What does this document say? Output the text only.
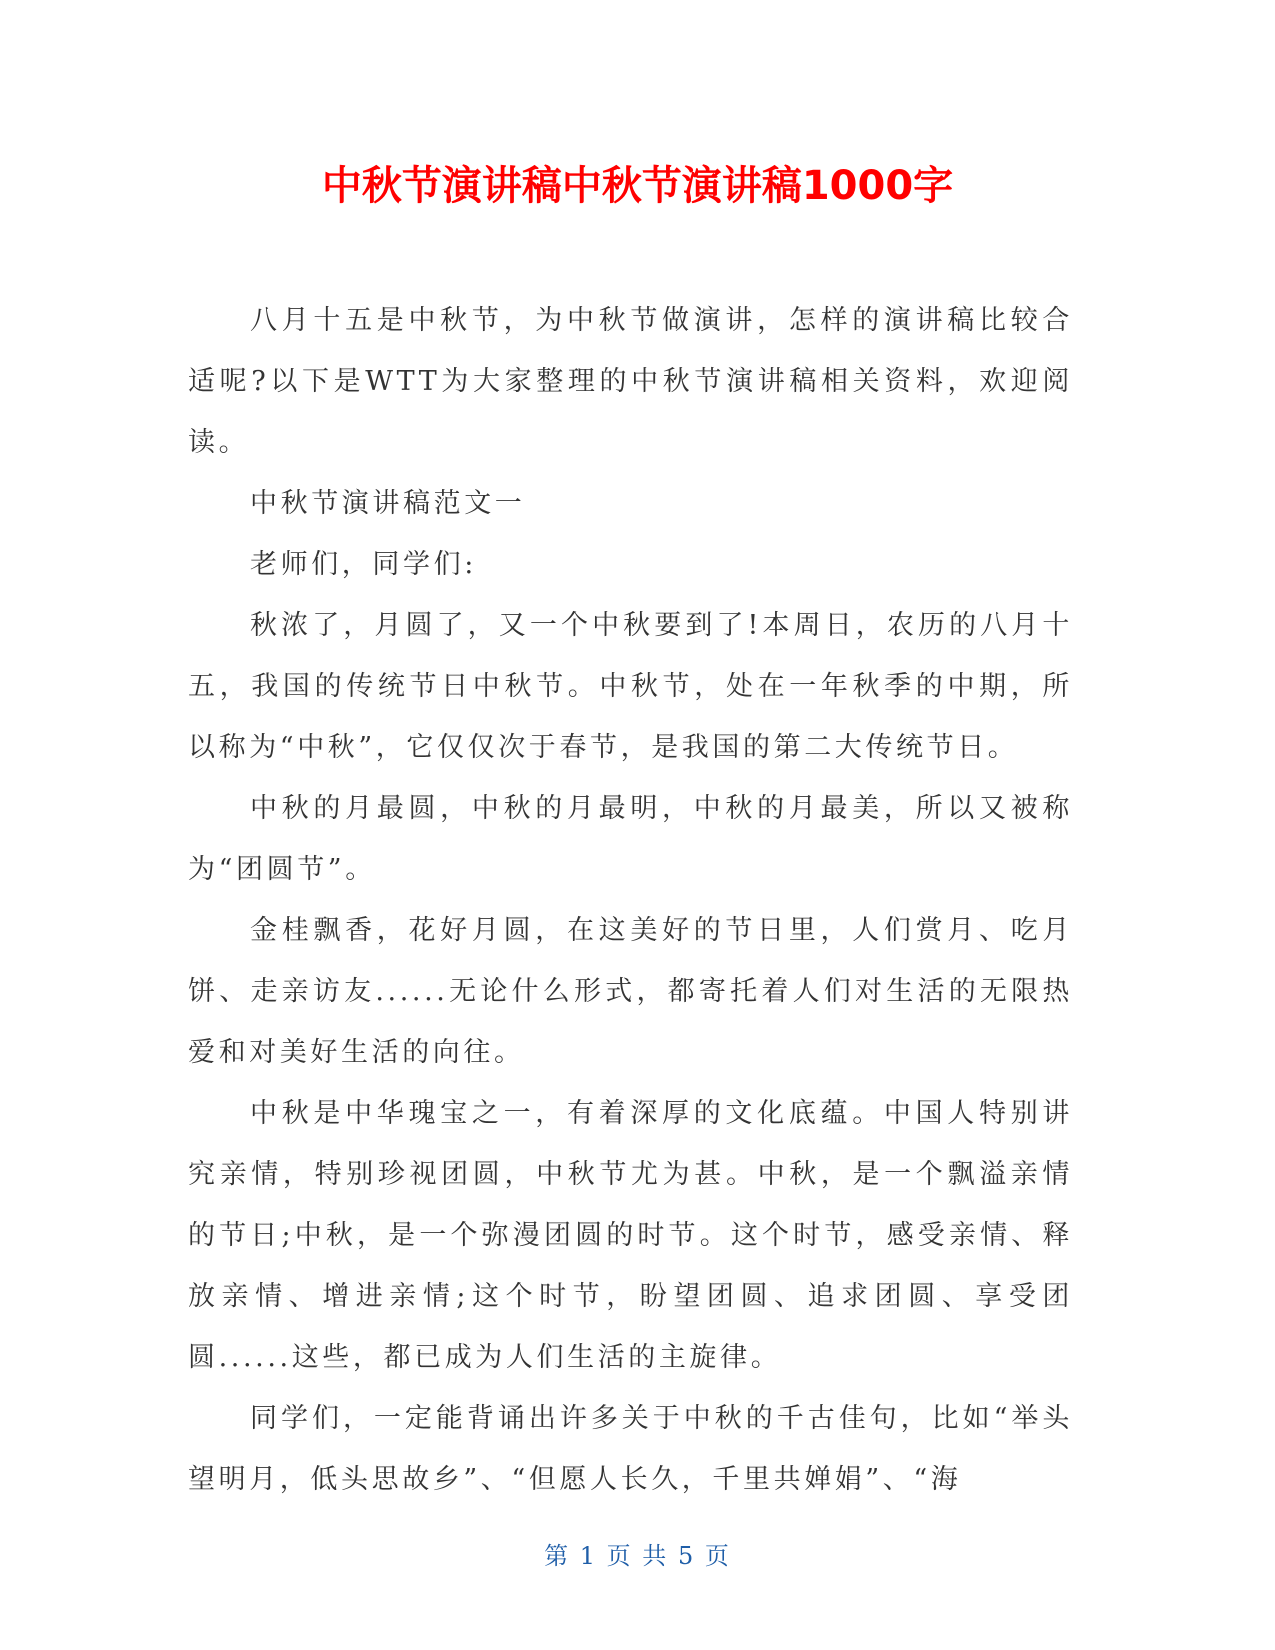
中秋节演讲稿中秋节演讲稿1000字

八月十五是中秋节，为中秋节做演讲，怎样的演讲稿比较合适呢?以下是WTT为大家整理的中秋节演讲稿相关资料，欢迎阅读。

中秋节演讲稿范文一

老师们，同学们:

秋浓了，月圆了，又一个中秋要到了!本周日，农历的八月十五，我国的传统节日中秋节。中秋节，处在一年秋季的中期，所以称为“中秋”，它仅仅次于春节，是我国的第二大传统节日。

中秋的月最圆，中秋的月最明，中秋的月最美，所以又被称为“团圆节”。

金桂飘香，花好月圆，在这美好的节日里，人们赏月、吃月饼、走亲访友......无论什么形式，都寄托着人们对生活的无限热爱和对美好生活的向往。

中秋是中华瑰宝之一，有着深厚的文化底蕴。中国人特别讲究亲情，特别珍视团圆，中秋节尤为甚。中秋，是一个飘溢亲情的节日;中秋，是一个弥漫团圆的时节。这个时节，感受亲情、释放亲情、增进亲情;这个时节，盼望团圆、追求团圆、享受团圆......这些，都已成为人们生活的主旋律。

同学们，一定能背诵出许多关于中秋的千古佳句，比如“举头望明月，低头思故乡”、“但愿人长久，千里共婵娟”、“海

第 1 页 共 5 页
